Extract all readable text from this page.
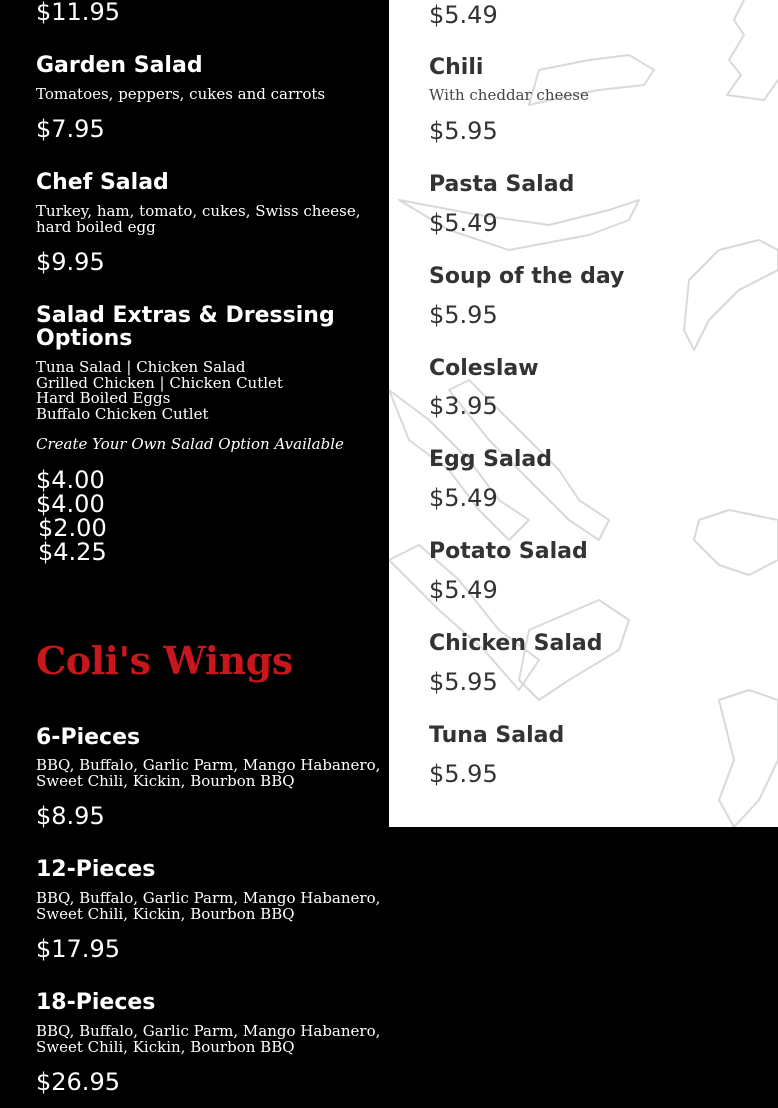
$11.95
Garden Salad
Tomatoes, peppers, cukes and carrots
$7.95
Chef Salad
Turkey, ham, tomato, cukes, Swiss cheese,
hard boiled egg
$9.95
Salad Extras & Dressing
Options
Tuna Salad | Chicken Salad
Grilled Chicken | Chicken Cutlet
Hard Boiled Eggs
Buffalo Chicken Cutlet
Create Your Own Salad Option Available
$4.00
$4.00
$2.00
$4.25
Coli's Wings
6-Pieces
BBQ, Buffalo, Garlic Parm, Mango Habanero,
Sweet Chili, Kickin, Bourbon BBQ
$8.95
12-Pieces
BBQ, Buffalo, Garlic Parm, Mango Habanero,
Sweet Chili, Kickin, Bourbon BBQ
$17.95
18-Pieces
BBQ, Buffalo, Garlic Parm, Mango Habanero,
Sweet Chili, Kickin, Bourbon BBQ
$26.95
$5.49
Chili
With cheddar cheese
$5.95
Pasta Salad
$5.49
Soup of the day
$5.95
Coleslaw
$3.95
Egg Salad
$5.49
Potato Salad
$5.49
Chicken Salad
$5.95
Tuna Salad
$5.95
